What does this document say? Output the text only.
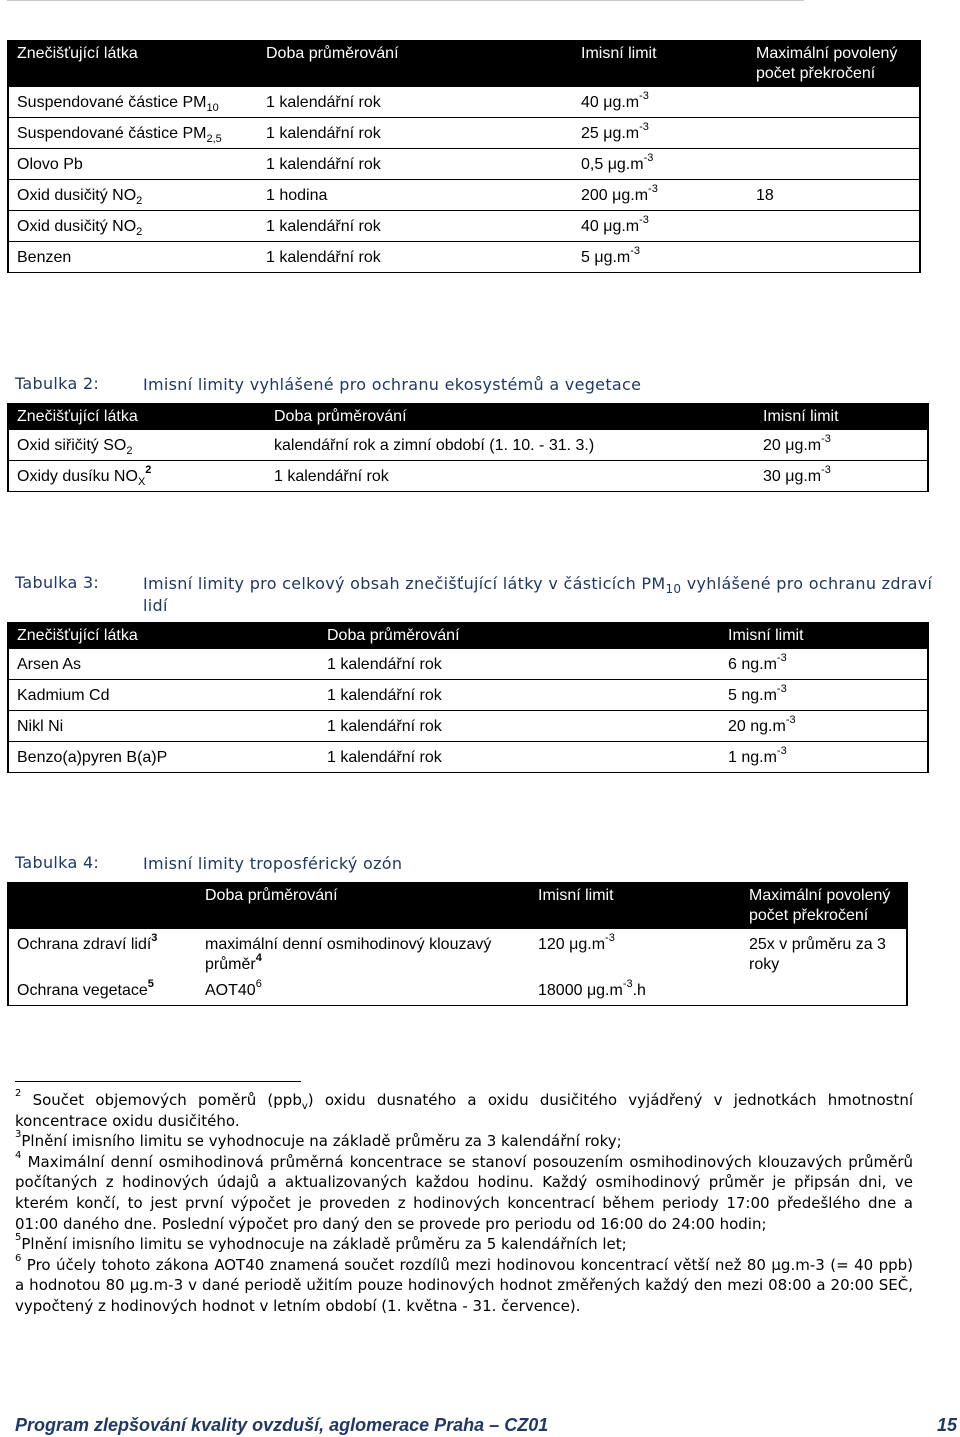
Znečišťující látka	Doba průměrování	Imisní limit	Maximální povolený počet překročení
Suspendované částice $PM_{10}$	1 kalendářní rok	40 $\mu g.m^{-3}$	
Suspendované částice $PM_{2,5}$	1 kalendářní rok	25 $\mu g.m^{-3}$	
Olovo Pb	1 kalendářní rok	0,5 $\mu g.m^{-3}$	
Oxid dusičitý $NO_2$	1 hodina	200 $\mu g.m^{-3}$	18
Oxid dusičitý $NO_2$	1 kalendářní rok	40 $\mu g.m^{-3}$	
Benzen	1 kalendářní rok	5 $\mu g.m^{-3}$	
Tabulka 2:	Imisní limity vyhlášené pro ochranu ekosystémů a vegetace
Znečišťující látka	Doba průměrování	Imisní limit
Oxid siřičitý $SO_2$	kalendářní rok a zimní období (1. 10. - 31. 3.)	20 $\mu g.m^{-3}$
Oxidy dusíku $NO_X^2$	1 kalendářní rok	30 $\mu g.m^{-3}$
Tabulka 3:	Imisní limity pro celkový obsah znečišťující látky v částicích $PM_{10}$ vyhlášené pro ochranu zdraví lidí
Znečišťující látka	Doba průměrování	Imisní limit
Arsen As	1 kalendářní rok	6 $ng.m^{-3}$
Kadmium Cd	1 kalendářní rok	5 $ng.m^{-3}$
Nikl Ni	1 kalendářní rok	20 $ng.m^{-3}$
Benzo(a)pyren B(a)P	1 kalendářní rok	1 $ng.m^{-3}$
Tabulka 4:	Imisní limity troposférický ozón
	Doba průměrování	Imisní limit	Maximální povolený počet překročení
Ochrana zdraví lidí$^3$	maximální denní osmihodinový klouzavý průměr$^4$	120 $\mu g.m^{-3}$	25x v průměru za 3 roky
Ochrana vegetace$^5$	$AOT40^6$	18000 $\mu g.m^{-3}.h$	

$^2$ Součet objemových poměrů (ppb$_v$) oxidu dusnatého a oxidu dusičitého vyjádřený v jednotkách hmotnostní koncentrace oxidu dusičitého.

$^3$Plnění imisního limitu se vyhodnocuje na základě průměru za 3 kalendářní roky;

$^4$ Maximální denní osmihodinová průměrná koncentrace se stanoví posouzením osmihodinových klouzavých průměrů počítaných z hodinových údajů a aktualizovaných každou hodinu. Každý osmihodinový průměr je připsán dni, ve kterém končí, to jest první výpočet je proveden z hodinových koncentrací během periody 17:00 předešlého dne a 01:00 daného dne. Poslední výpočet pro daný den se provede pro periodu od 16:00 do 24:00 hodin;

$^5$Plnění imisního limitu se vyhodnocuje na základě průměru za 5 kalendářních let;

$^6$ Pro účely tohoto zákona AOT40 znamená součet rozdílů mezi hodinovou koncentrací větší než 80 μg.m-3 (= 40 ppb) a hodnotou 80 μg.m-3 v dané periodě užitím pouze hodinových hodnot změřených každý den mezi 08:00 a 20:00 SEČ, vypočtený z hodinových hodnot v letním období (1. května - 31. července).

Program zlepšování kvality ovzduší, aglomerace Praha – CZ01	15
